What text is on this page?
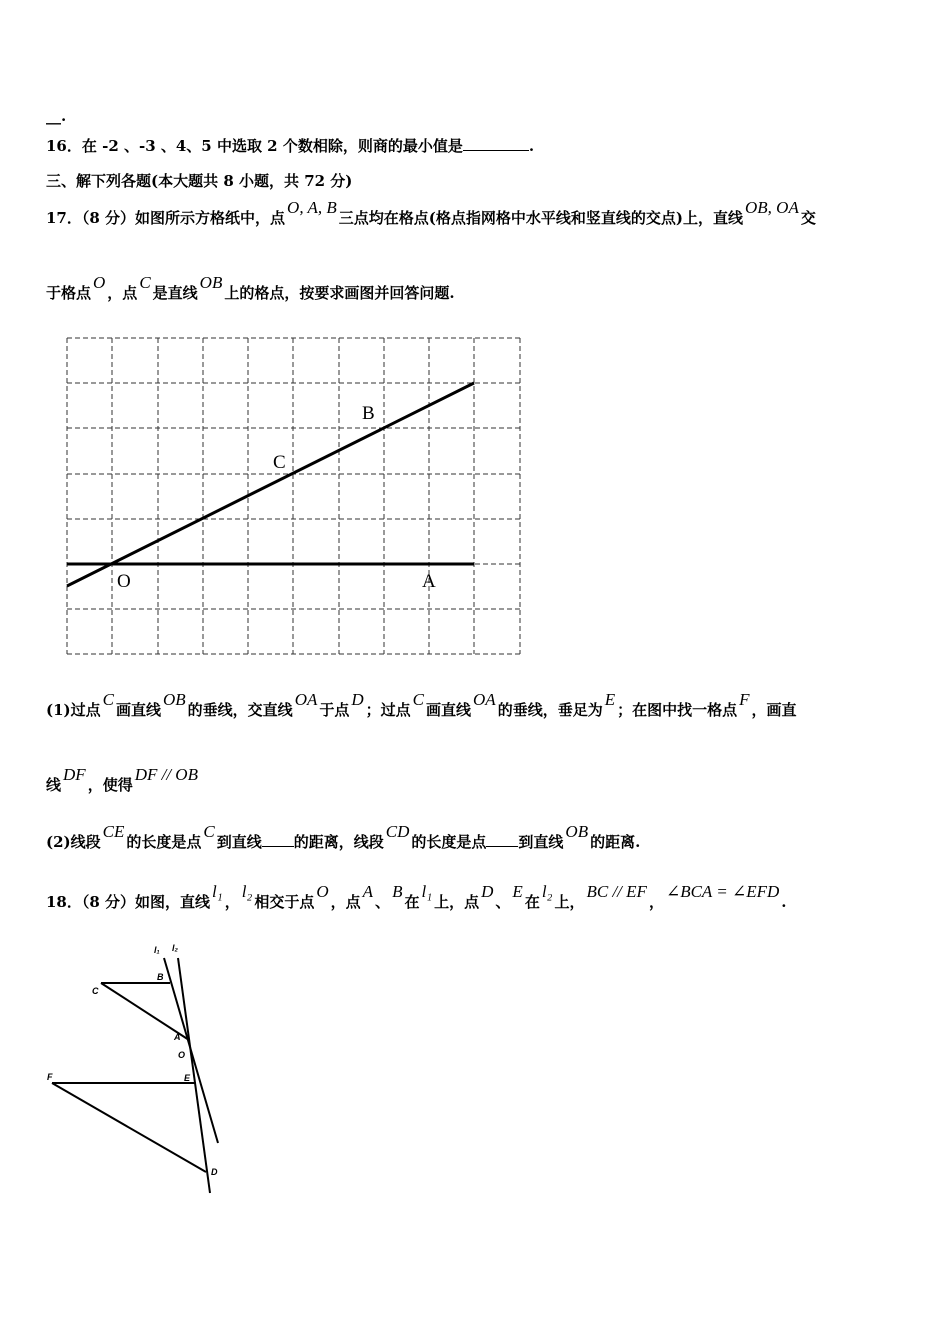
__.
16．在 -2 、-3 、4、5 中选取 2 个数相除，则商的最小值是	.
三、解下列各题(本大题共 8 小题，共 72 分)
17．（8 分）如图所示方格纸中，点O, A, B三点均在格点(格点指网格中水平线和竖直线的交点)上，直线OB, OA交
于格点O，点C是直线OB上的格点，按要求画图并回答问题.
B
C
O	A
(1)过点C画直线OB的垂线，交直线OA于点D；过点C画直线OA的垂线，垂足为E；在图中找一格点F，画直
线DF，使得DF // OB
(2)线段CE的长度是点C到直线 的距离，线段CD的长度是点 到直线OB的距离.
18．（8 分）如图，直线l₁，l₂相交于点O，点A、B在l₁上，点D、E在l₂上，BC // EF，∠BCA = ∠EFD.
l₁ l₂
B
C
A
O
F	E
D
